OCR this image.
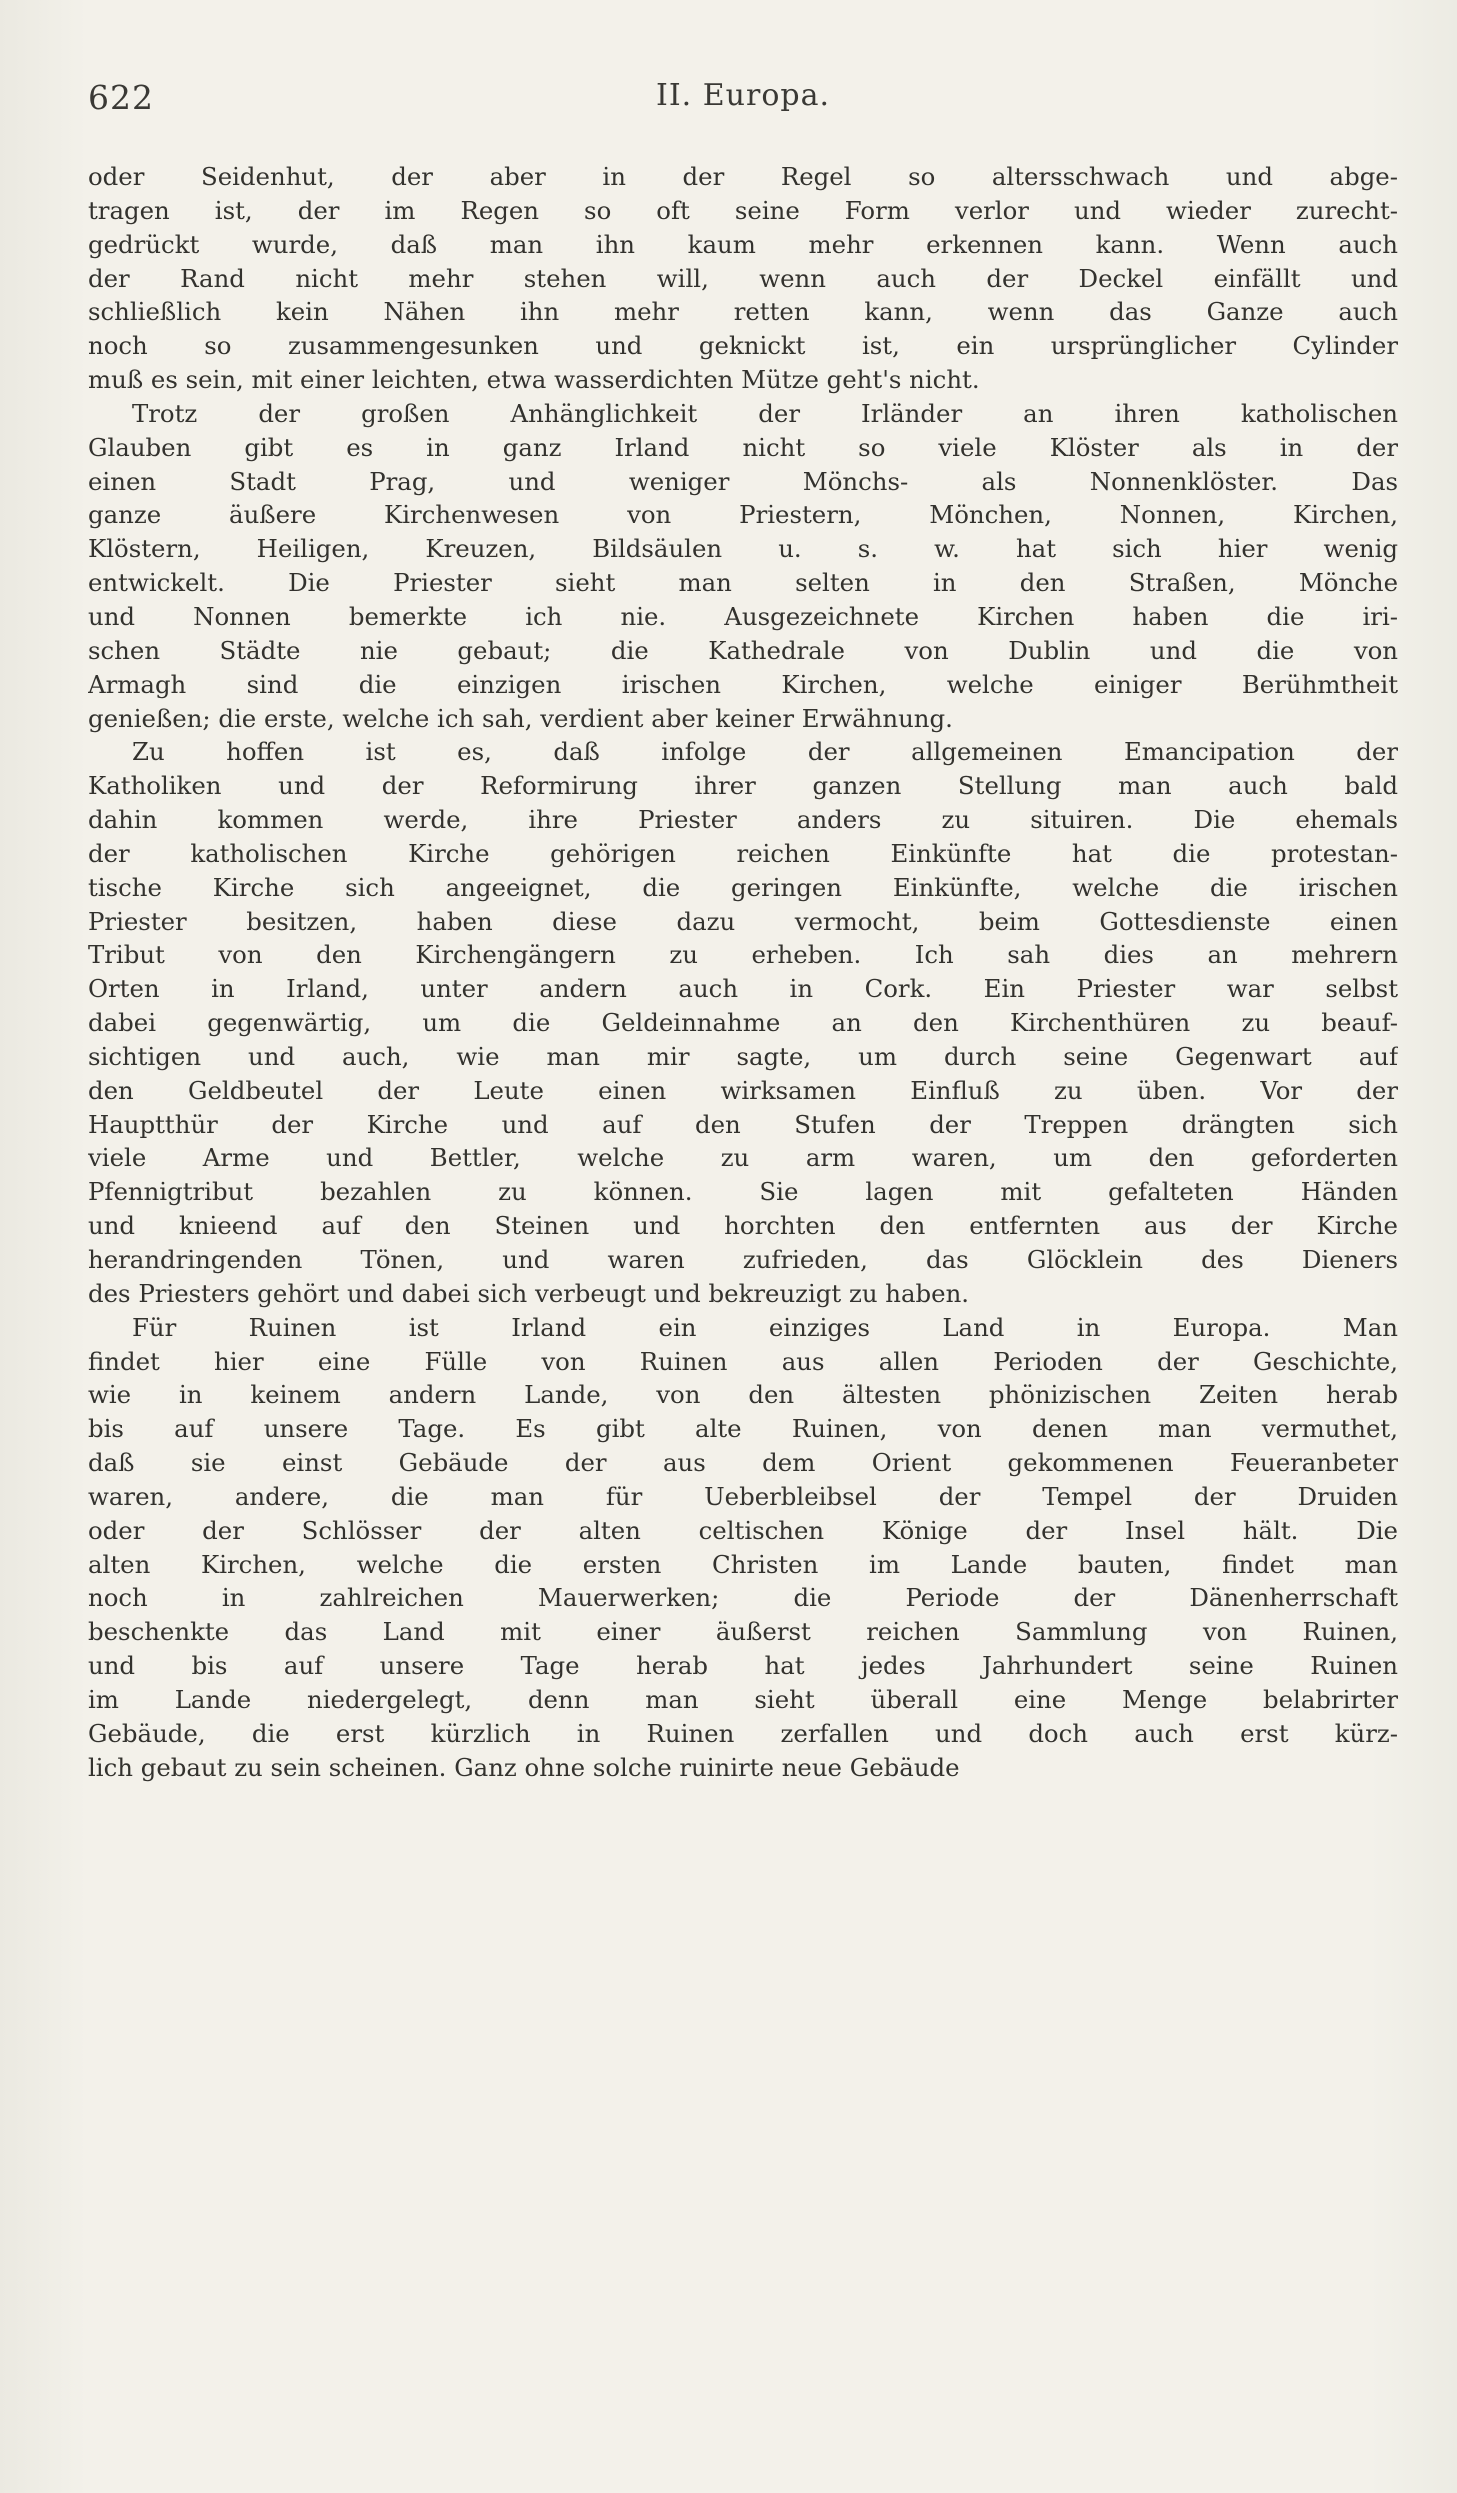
622	II. Europa.
oder Seidenhut, der aber in der Regel so altersschwach und abge-
tragen ist, der im Regen so oft seine Form verlor und wieder zurecht-
gedrückt wurde, daß man ihn kaum mehr erkennen kann. Wenn auch
der Rand nicht mehr stehen will, wenn auch der Deckel einfällt und
schließlich kein Nähen ihn mehr retten kann, wenn das Ganze auch
noch so zusammengesunken und geknickt ist, ein ursprünglicher Cylinder
muß es sein, mit einer leichten, etwa wasserdichten Mütze geht's nicht.
Trotz der großen Anhänglichkeit der Irländer an ihren katholischen
Glauben gibt es in ganz Irland nicht so viele Klöster als in der
einen Stadt Prag, und weniger Mönchs- als Nonnenklöster. Das
ganze äußere Kirchenwesen von Priestern, Mönchen, Nonnen, Kirchen,
Klöstern, Heiligen, Kreuzen, Bildsäulen u. s. w. hat sich hier wenig
entwickelt. Die Priester sieht man selten in den Straßen, Mönche
und Nonnen bemerkte ich nie. Ausgezeichnete Kirchen haben die iri-
schen Städte nie gebaut; die Kathedrale von Dublin und die von
Armagh sind die einzigen irischen Kirchen, welche einiger Berühmtheit
genießen; die erste, welche ich sah, verdient aber keiner Erwähnung.
Zu hoffen ist es, daß infolge der allgemeinen Emancipation der
Katholiken und der Reformirung ihrer ganzen Stellung man auch bald
dahin kommen werde, ihre Priester anders zu situiren. Die ehemals
der katholischen Kirche gehörigen reichen Einkünfte hat die protestan-
tische Kirche sich angeeignet, die geringen Einkünfte, welche die irischen
Priester besitzen, haben diese dazu vermocht, beim Gottesdienste einen
Tribut von den Kirchengängern zu erheben. Ich sah dies an mehrern
Orten in Irland, unter andern auch in Cork. Ein Priester war selbst
dabei gegenwärtig, um die Geldeinnahme an den Kirchenthüren zu beauf-
sichtigen und auch, wie man mir sagte, um durch seine Gegenwart auf
den Geldbeutel der Leute einen wirksamen Einfluß zu üben. Vor der
Hauptthür der Kirche und auf den Stufen der Treppen drängten sich
viele Arme und Bettler, welche zu arm waren, um den geforderten
Pfennigtribut bezahlen zu können. Sie lagen mit gefalteten Händen
und knieend auf den Steinen und horchten den entfernten aus der Kirche
herandringenden Tönen, und waren zufrieden, das Glöcklein des Dieners
des Priesters gehört und dabei sich verbeugt und bekreuzigt zu haben.
Für Ruinen ist Irland ein einziges Land in Europa. Man
findet hier eine Fülle von Ruinen aus allen Perioden der Geschichte,
wie in keinem andern Lande, von den ältesten phönizischen Zeiten herab
bis auf unsere Tage. Es gibt alte Ruinen, von denen man vermuthet,
daß sie einst Gebäude der aus dem Orient gekommenen Feueranbeter
waren, andere, die man für Ueberbleibsel der Tempel der Druiden
oder der Schlösser der alten celtischen Könige der Insel hält. Die
alten Kirchen, welche die ersten Christen im Lande bauten, findet man
noch in zahlreichen Mauerwerken; die Periode der Dänenherrschaft
beschenkte das Land mit einer äußerst reichen Sammlung von Ruinen,
und bis auf unsere Tage herab hat jedes Jahrhundert seine Ruinen
im Lande niedergelegt, denn man sieht überall eine Menge belabrirter
Gebäude, die erst kürzlich in Ruinen zerfallen und doch auch erst kürz-
lich gebaut zu sein scheinen. Ganz ohne solche ruinirte neue Gebäude
